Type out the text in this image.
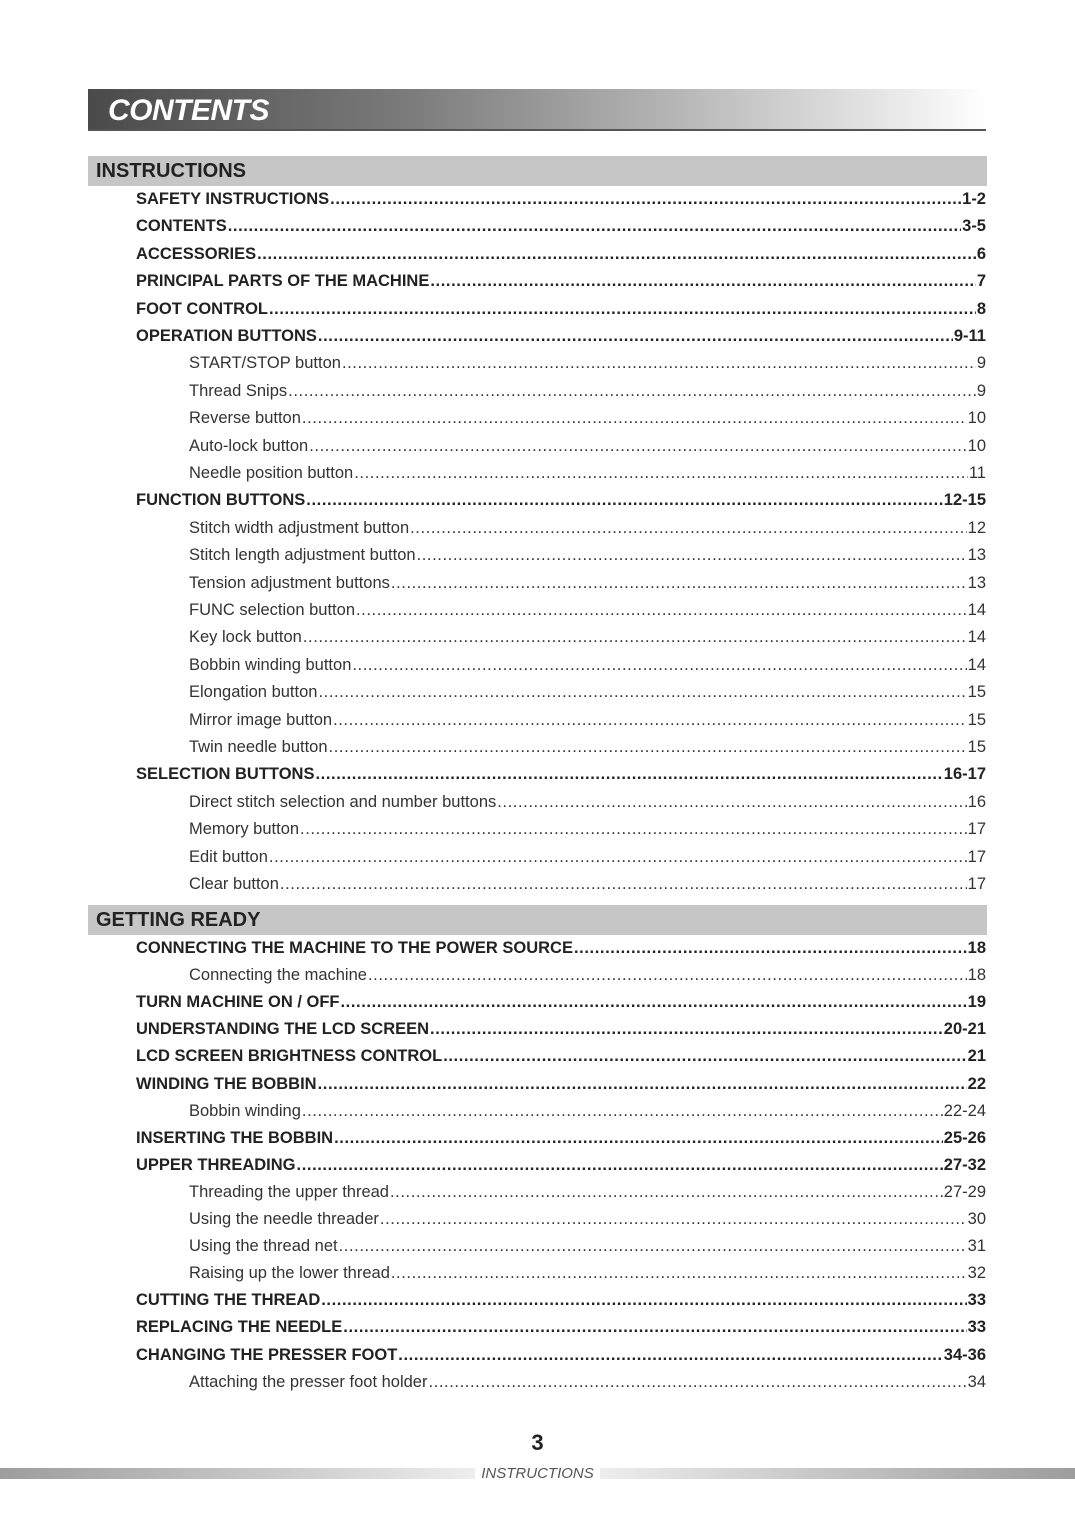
CONTENTS
INSTRUCTIONS
SAFETY INSTRUCTIONS .....	1-2
CONTENTS .....	3-5
ACCESSORIES .....	6
PRINCIPAL PARTS OF THE MACHINE .....	7
FOOT CONTROL .....	8
OPERATION BUTTONS .....	9-11
START/STOP button .....	9
Thread Snips .....	9
Reverse button .....	10
Auto-lock button .....	10
Needle position button .....	11
FUNCTION BUTTONS .....	12-15
Stitch width adjustment button .....	12
Stitch length adjustment button .....	13
Tension adjustment buttons .....	13
FUNC selection button .....	14
Key lock button .....	14
Bobbin winding button .....	14
Elongation button .....	15
Mirror image button .....	15
Twin needle button .....	15
SELECTION BUTTONS .....	16-17
Direct stitch selection and number buttons .....	16
Memory button .....	17
Edit button .....	17
Clear button .....	17
GETTING READY
CONNECTING THE MACHINE TO THE POWER SOURCE .....	18
Connecting the machine .....	18
TURN MACHINE ON / OFF .....	19
UNDERSTANDING THE LCD SCREEN .....	20-21
LCD SCREEN BRIGHTNESS CONTROL .....	21
WINDING THE BOBBIN .....	22
Bobbin winding .....	22-24
INSERTING THE BOBBIN .....	25-26
UPPER THREADING .....	27-32
Threading the upper thread .....	27-29
Using the needle threader .....	30
Using the thread net .....	31
Raising up the lower thread .....	32
CUTTING THE THREAD .....	33
REPLACING THE NEEDLE .....	33
CHANGING THE PRESSER FOOT .....	34-36
Attaching the presser foot holder .....	34
3
INSTRUCTIONS
